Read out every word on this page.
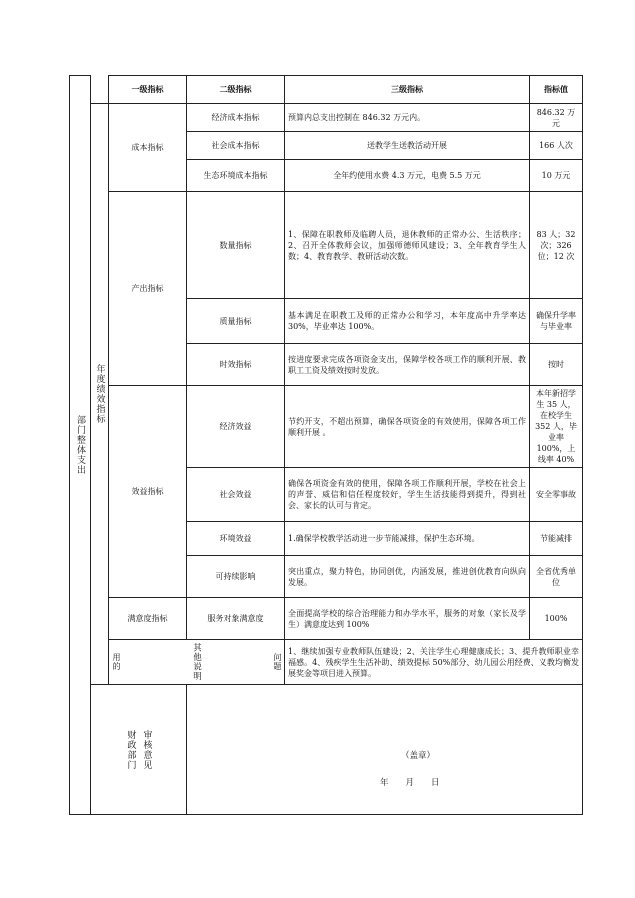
部门整体支出		一级指标	二级指标	三级指标	指标值

	年度绩效指标	成本指标	经济成本指标	预算内总支出控制在 846.32 万元内。	846.32 万元
			社会成本指标	送教学生送教活动开展	166 人次
			生态环境成本指标	全年约使用水费 4.3 万元，电费 5.5 万元	10 万元
		产出指标	数量指标	1、保障在职教师及临聘人员，退休教师的正常办公、生活秩序；2、召开全体教师会议，加强师德师风建设；3、全年教育学生人数；4、教育教学、教研活动次数。	83 人；32 次；326 位；12 次
			质量指标	基本满足在职教工及师的正常办公和学习，本年度高中升学率达 30%，毕业率达 100%。	确保升学率与毕业率
			时效指标	按进度要求完成各项资金支出，保障学校各项工作的顺利开展、教职工工资及绩效按时发放。	按时
		效益指标	经济效益	节约开支，不超出预算，确保各项资金的有效使用，保障各项工作顺利开展 。	本年新招学生 35 人，在校学生 352 人，毕业率 100%，上线率 40%
			社会效益	确保各项资金有效的使用，保障各项工作顺利开展，学校在社会上的声誉、威信和信任程度较好，学生生活技能得到提升，得到社会、家长的认可与肯定。	安全零事故
			环境效益	1.确保学校教学活动进一步节能减排，保护生态环境。	节能减排
			可持续影响	突出重点，聚力特色，协同创优，内涵发展，推进创优教育向纵向发展。	全省优秀单位
		满意度指标	服务对象满意度	全面提高学校的综合治理能力和办学水平，服务的对象（家长及学生）满意度达到 100%	100%

		用的 其他说明 问题		1、继续加强专业教师队伍建设；2、关注学生心理健康成长；3、提升教师职业幸福感。4、残疾学生生活补助、绩效提标 50%部分、幼儿园公用经费、义教均衡发展奖金等项目进入预算。	

	财政部门 审核意见				
		（盖章）
年　　月　　日
